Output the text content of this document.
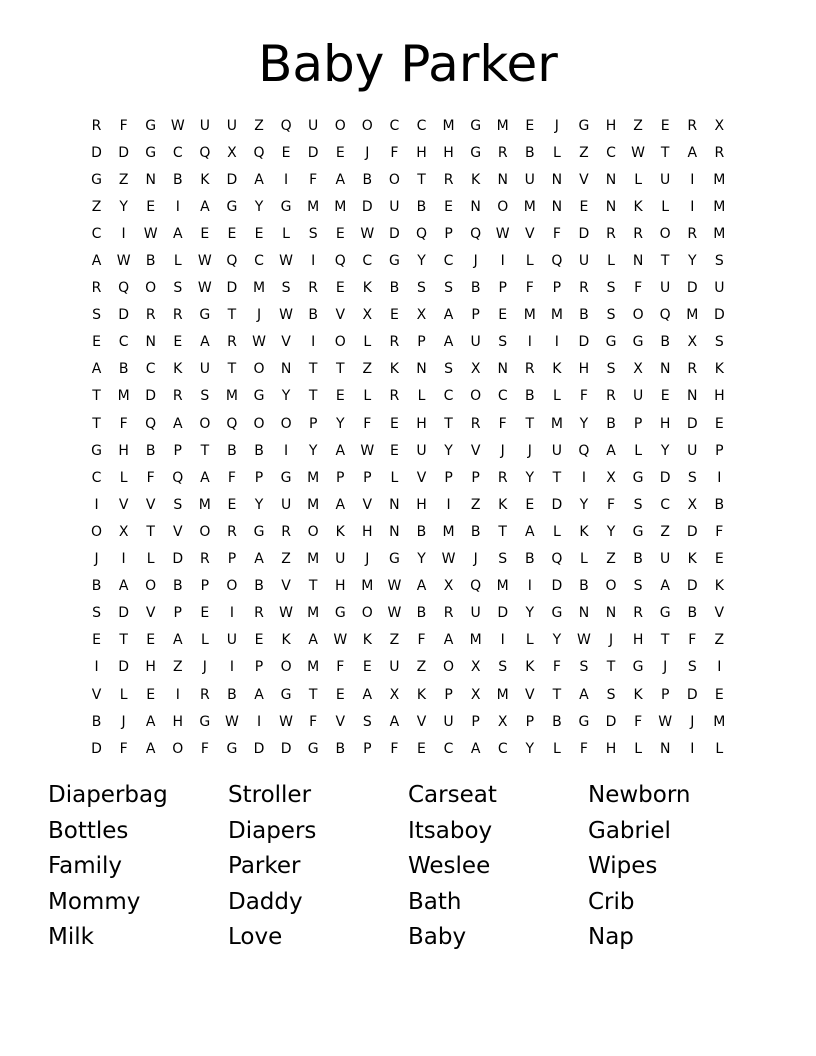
Baby Parker
R	F	G	W	U	U	Z	Q	U	O	O	C	C	M	G	M	E	J	G	H	Z	E	R	X
D	D	G	C	Q	X	Q	E	D	E	J	F	H	H	G	R	B	L	Z	C	W	T	A	R
G	Z	N	B	K	D	A	I	F	A	B	O	T	R	K	N	U	N	V	N	L	U	I	M
Z	Y	E	I	A	G	Y	G	M	M	D	U	B	E	N	O	M	N	E	N	K	L	I	M
C	I	W	A	E	E	E	L	S	E	W	D	Q	P	Q	W	V	F	D	R	R	O	R	M
A	W	B	L	W	Q	C	W	I	Q	C	G	Y	C	J	I	L	Q	U	L	N	T	Y	S
R	Q	O	S	W	D	M	S	R	E	K	B	S	S	B	P	F	P	R	S	F	U	D	U
S	D	R	R	G	T	J	W	B	V	X	E	X	A	P	E	M	M	B	S	O	Q	M	D
E	C	N	E	A	R	W	V	I	O	L	R	P	A	U	S	I	I	D	G	G	B	X	S
A	B	C	K	U	T	O	N	T	T	Z	K	N	S	X	N	R	K	H	S	X	N	R	K
T	M	D	R	S	M	G	Y	T	E	L	R	L	C	O	C	B	L	F	R	U	E	N	H
T	F	Q	A	O	Q	O	O	P	Y	F	E	H	T	R	F	T	M	Y	B	P	H	D	E
G	H	B	P	T	B	B	I	Y	A	W	E	U	Y	V	J	J	U	Q	A	L	Y	U	P
C	L	F	Q	A	F	P	G	M	P	P	L	V	P	P	R	Y	T	I	X	G	D	S	I
I	V	V	S	M	E	Y	U	M	A	V	N	H	I	Z	K	E	D	Y	F	S	C	X	B
O	X	T	V	O	R	G	R	O	K	H	N	B	M	B	T	A	L	K	Y	G	Z	D	F
J	I	L	D	R	P	A	Z	M	U	J	G	Y	W	J	S	B	Q	L	Z	B	U	K	E
B	A	O	B	P	O	B	V	T	H	M	W	A	X	Q	M	I	D	B	O	S	A	D	K
S	D	V	P	E	I	R	W	M	G	O	W	B	R	U	D	Y	G	N	N	R	G	B	V
E	T	E	A	L	U	E	K	A	W	K	Z	F	A	M	I	L	Y	W	J	H	T	F	Z
I	D	H	Z	J	I	P	O	M	F	E	U	Z	O	X	S	K	F	S	T	G	J	S	I
V	L	E	I	R	B	A	G	T	E	A	X	K	P	X	M	V	T	A	S	K	P	D	E
B	J	A	H	G	W	I	W	F	V	S	A	V	U	P	X	P	B	G	D	F	W	J	M
D	F	A	O	F	G	D	D	G	B	P	F	E	C	A	C	Y	L	F	H	L	N	I	L
Diaperbag	Stroller	Carseat	Newborn
Bottles	Diapers	Itsaboy	Gabriel
Family	Parker	Weslee	Wipes
Mommy	Daddy	Bath	Crib
Milk	Love	Baby	Nap
